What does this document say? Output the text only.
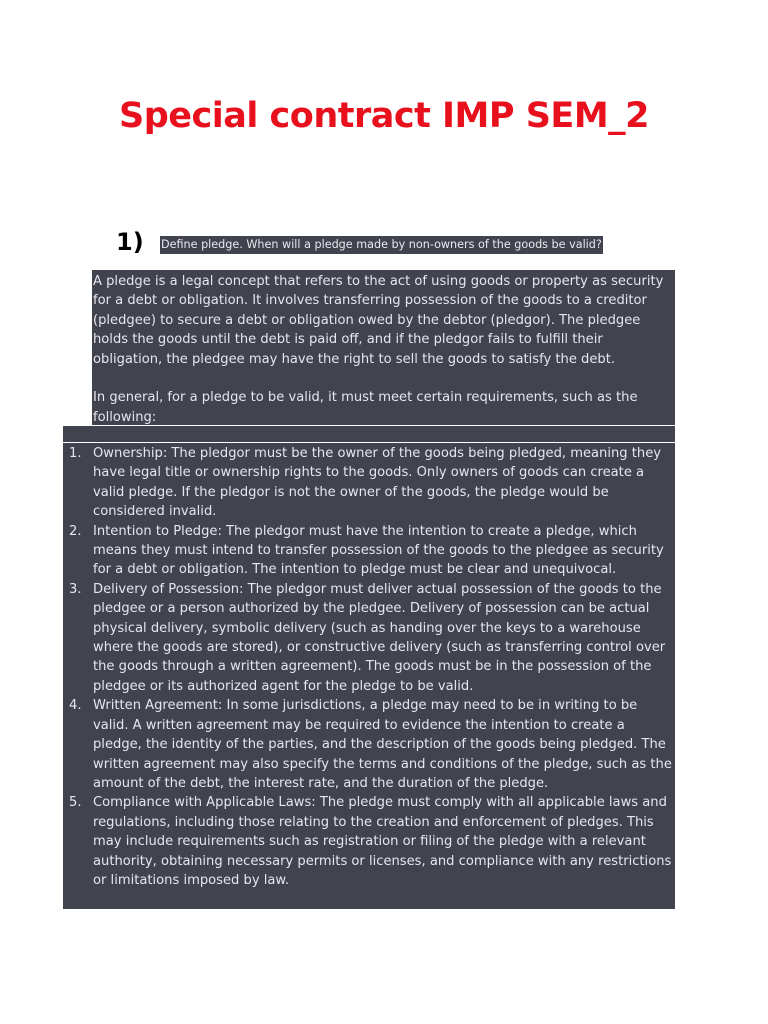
Special contract IMP SEM_2
1) Define pledge. When will a pledge made by non-owners of the goods be valid?

A pledge is a legal concept that refers to the act of using goods or property as security for a debt or obligation. It involves transferring possession of the goods to a creditor (pledgee) to secure a debt or obligation owed by the debtor (pledgor). The pledgee holds the goods until the debt is paid off, and if the pledgor fails to fulfill their obligation, the pledgee may have the right to sell the goods to satisfy the debt.

In general, for a pledge to be valid, it must meet certain requirements, such as the following:

1. Ownership: The pledgor must be the owner of the goods being pledged, meaning they have legal title or ownership rights to the goods. Only owners of goods can create a valid pledge. If the pledgor is not the owner of the goods, the pledge would be considered invalid.
2. Intention to Pledge: The pledgor must have the intention to create a pledge, which means they must intend to transfer possession of the goods to the pledgee as security for a debt or obligation. The intention to pledge must be clear and unequivocal.
3. Delivery of Possession: The pledgor must deliver actual possession of the goods to the pledgee or a person authorized by the pledgee. Delivery of possession can be actual physical delivery, symbolic delivery (such as handing over the keys to a warehouse where the goods are stored), or constructive delivery (such as transferring control over the goods through a written agreement). The goods must be in the possession of the pledgee or its authorized agent for the pledge to be valid.
4. Written Agreement: In some jurisdictions, a pledge may need to be in writing to be valid. A written agreement may be required to evidence the intention to create a pledge, the identity of the parties, and the description of the goods being pledged. The written agreement may also specify the terms and conditions of the pledge, such as the amount of the debt, the interest rate, and the duration of the pledge.
5. Compliance with Applicable Laws: The pledge must comply with all applicable laws and regulations, including those relating to the creation and enforcement of pledges. This may include requirements such as registration or filing of the pledge with a relevant authority, obtaining necessary permits or licenses, and compliance with any restrictions or limitations imposed by law.
